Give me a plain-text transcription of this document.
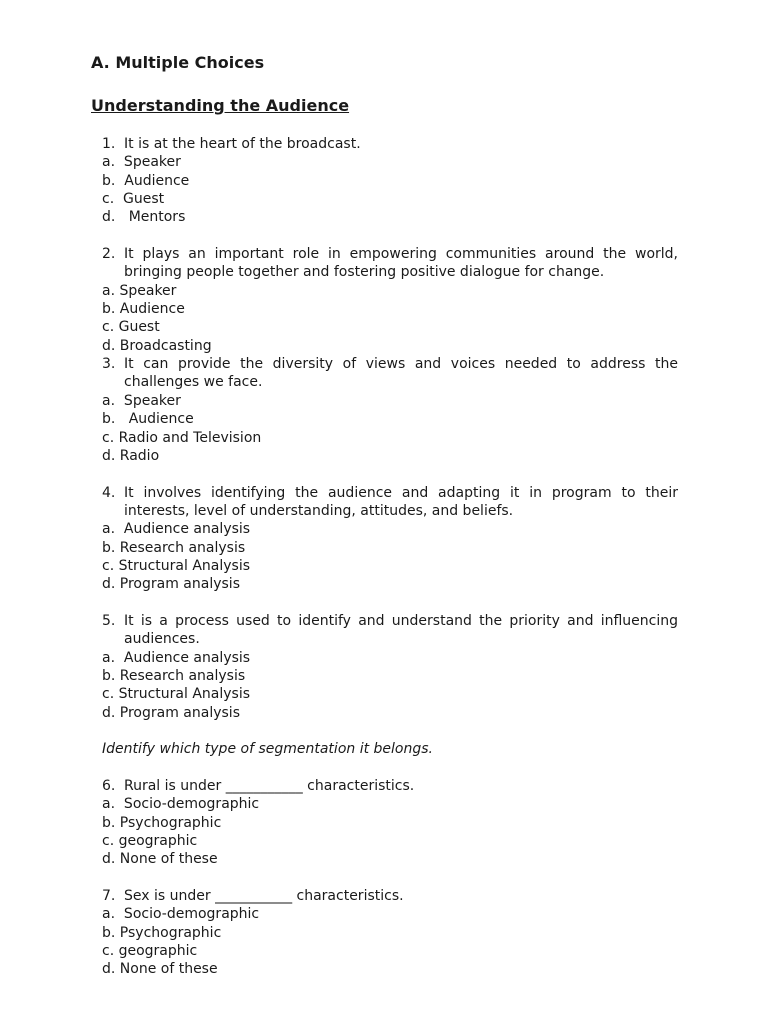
A. Multiple Choices
Understanding the Audience
1. It is at the heart of the broadcast.
a.  Speaker
b.  Audience
c.  Guest
d.   Mentors
2. It plays an important role in empowering communities around the world, bringing people together and fostering positive dialogue for change.
a. Speaker
b. Audience
c. Guest
d. Broadcasting
3. It can provide the diversity of views and voices needed to address the challenges we face.
a.  Speaker
b.   Audience
c. Radio and Television
d. Radio
4. It involves identifying the audience and adapting it in program to their interests, level of understanding, attitudes, and beliefs.
a.  Audience analysis
b. Research analysis
c. Structural Analysis
d. Program analysis
5. It is a process used to identify and understand the priority and influencing audiences.
a.  Audience analysis
b. Research analysis
c. Structural Analysis
d. Program analysis

Identify which type of segmentation it belongs.

6. Rural is under ___________ characteristics.
a.  Socio-demographic
b. Psychographic
c. geographic
d. None of these
7. Sex is under ___________ characteristics.
a.  Socio-demographic
b. Psychographic
c. geographic
d. None of these
